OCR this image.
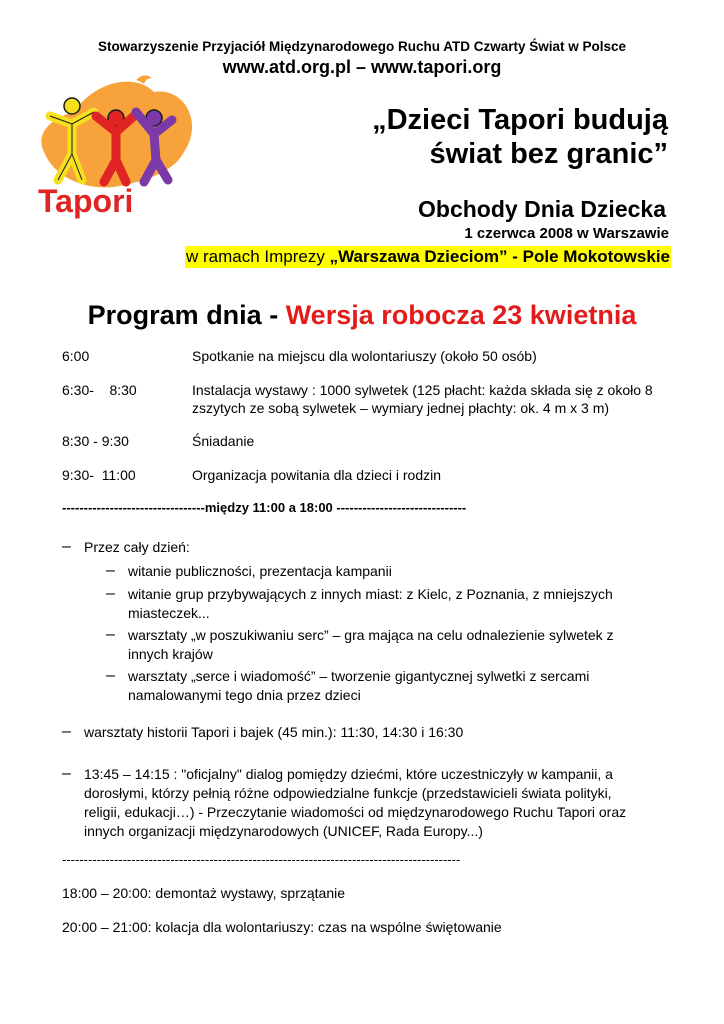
Stowarzyszenie Przyjaciół Międzynarodowego Ruchu ATD Czwarty Świat w Polsce
www.atd.org.pl – www.tapori.org
Tapori
„Dzieci Tapori budują
świat bez granic”
Obchody Dnia Dziecka
1 czerwca 2008 w Warszawie
w ramach Imprezy „Warszawa Dzieciom” - Pole Mokotowskie
Program dnia - Wersja robocza 23 kwietnia
6:00	Spotkanie na miejscu dla wolontariuszy (około 50 osób)
6:30-    8:30	Instalacja wystawy : 1000 sylwetek (125 płacht: każda składa się z około 8 zszytych ze sobą sylwetek – wymiary jednej płachty: ok. 4 m x 3 m)
8:30 - 9:30	Śniadanie
9:30-  11:00	Organizacja powitania dla dzieci i rodzin
---------------------------------między 11:00 a 18:00 ------------------------------
– Przez cały dzień:
– witanie publiczności, prezentacja kampanii
– witanie grup przybywających z innych miast: z Kielc, z Poznania, z mniejszych
miasteczek...
– warsztaty „w poszukiwaniu serc” – gra mająca na celu odnalezienie sylwetek z
innych krajów
– warsztaty „serce i wiadomość” – tworzenie gigantycznej sylwetki z sercami
namalowanymi tego dnia przez dzieci
– warsztaty historii Tapori i bajek (45 min.): 11:30, 14:30 i 16:30
– 13:45 – 14:15 : "oficjalny" dialog pomiędzy dziećmi, które uczestniczyły w kampanii, a
dorosłymi, którzy pełnią różne odpowiedzialne funkcje (przedstawicieli świata polityki,
religii, edukacji…) - Przeczytanie wiadomości od międzynarodowego Ruchu Tapori oraz
innych organizacji międzynarodowych (UNICEF, Rada Europy...)
--------------------------------------------------------------------------------------------
18:00 – 20:00: demontaż wystawy, sprzątanie
20:00 – 21:00: kolacja dla wolontariuszy: czas na wspólne świętowanie
